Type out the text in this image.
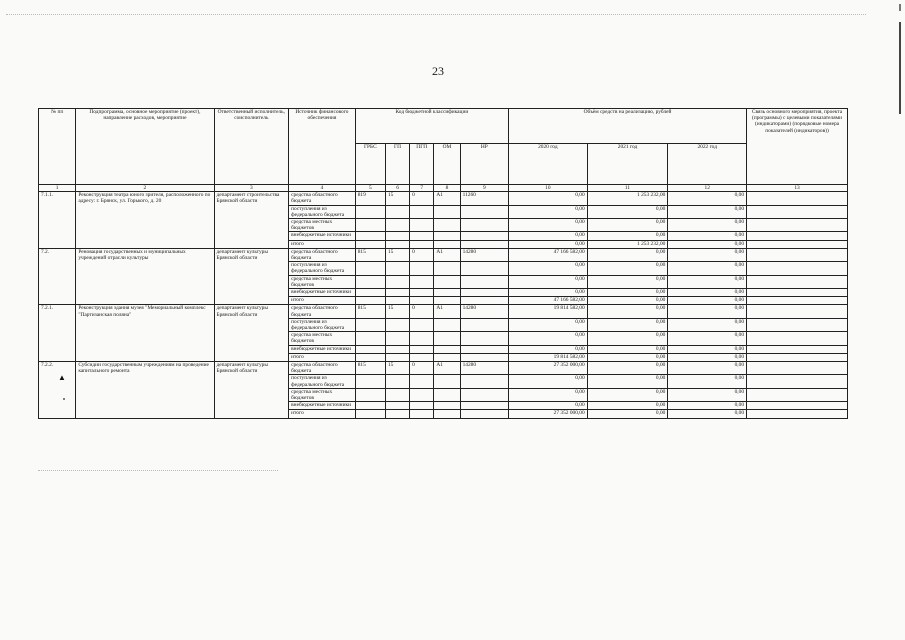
23
№ пп	Подпрограмма, основное мероприятие (проект), направление расходов, мероприятие	Ответственный исполнитель, соисполнитель	Источник финансового обеспечения	Код бюджетной классификации					Объём средств на реализацию, рублей			Связь основного мероприятия, проекта (программы) с целевыми показателями (индикаторами) (порядковые номера показателей (индикаторов))
				ГРБС	ГП	ПГП	ОМ	НР	2020 год	2021 год	2022 год	
1	2	3	4	5	6	7	8	9	10	11	12	13
7.1.1.	Реконструкция театра юного зрителя, расположенного по адресу: г. Брянск, ул. Горького, д. 20	департамент строительства Брянской области	средства областного бюджета	819	15	0	А1	11260	0,00	1 253 232,00	0,00	
			поступления из федерального бюджета						0,00	0,00	0,00	
			средства местных бюджетов						0,00	0,00	0,00	
			внебюджетные источники						0,00	0,00	0,00	
			итого						0,00	1 253 232,00	0,00	
7.2.	Реновация государственных и муниципальных учреждений отрасли культуры	департамент культуры Брянской области	средства областного бюджета	815	15	0	А1	14280	47 166 582,00	0,00	0,00	
			поступления из федерального бюджета						0,00	0,00	0,00	
			средства местных бюджетов						0,00	0,00	0,00	
			внебюджетные источники						0,00	0,00	0,00	
			итого						47 166 582,00	0,00	0,00	
7.2.1.	Реконструкция здания музея "Мемориальный комплекс "Партизанская поляна"	департамент культуры Брянской области	средства областного бюджета	815	15	0	А1	14280	19 814 582,00	0,00	0,00	
			поступления из федерального бюджета						0,00	0,00	0,00	
			средства местных бюджетов						0,00	0,00	0,00	
			внебюджетные источники						0,00	0,00	0,00	
			итого						19 814 582,00	0,00	0,00	
7.2.2.	Субсидии государственным учреждениям на проведение капитального ремонта	департамент культуры Брянской области	средства областного бюджета	815	15	0	А1	14280	27 352 000,00	0,00	0,00	
			поступления из федерального бюджета						0,00	0,00	0,00	
			средства местных бюджетов						0,00	0,00	0,00	
			внебюджетные источники						0,00	0,00	0,00	
			итого						27 352 000,00	0,00	0,00	
▲
